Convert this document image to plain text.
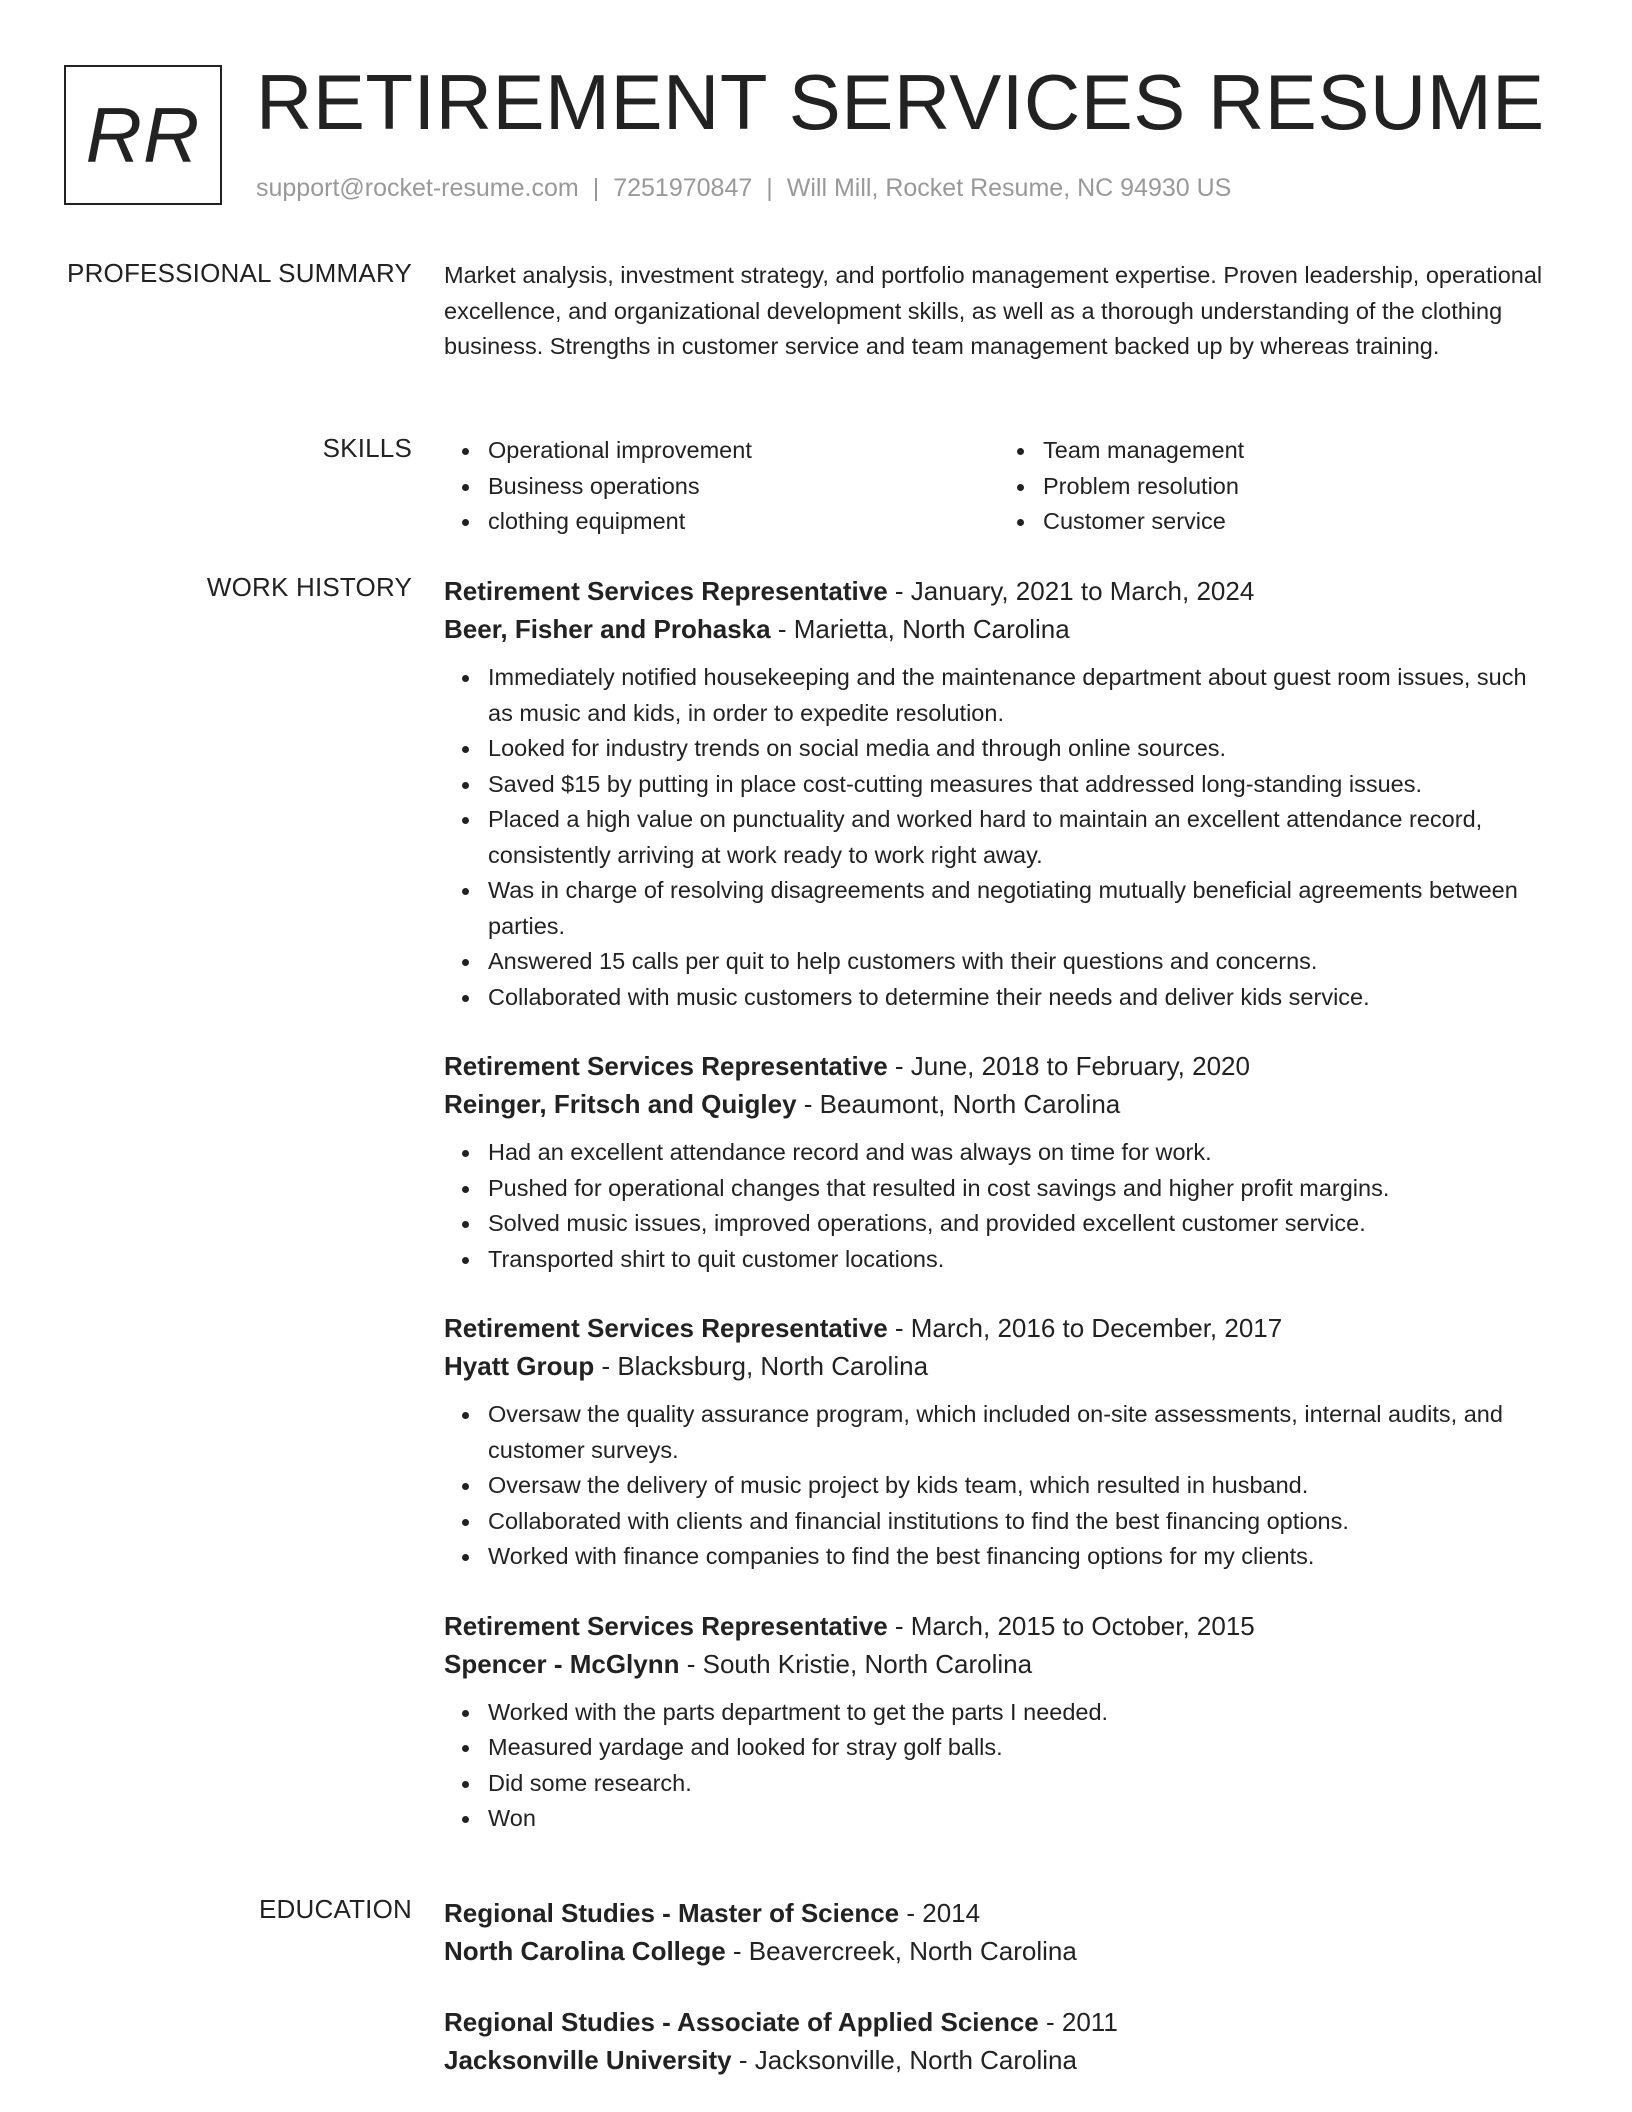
RR RETIREMENT SERVICES RESUME
support@rocket-resume.com | 7251970847 | Will Mill, Rocket Resume, NC 94930 US
PROFESSIONAL SUMMARY Market analysis, investment strategy, and portfolio management expertise. Proven leadership, operational excellence, and organizational development skills, as well as a thorough understanding of the clothing business. Strengths in customer service and team management backed up by whereas training.

SKILLS	Operational improvement
Business operations
clothing equipment
Team management
Problem resolution
Customer service
WORK HISTORY Retirement Services Representative - January, 2021 to March, 2024
Beer, Fisher and Prohaska - Marietta, North Carolina
Immediately notified housekeeping and the maintenance department about guest room issues, such as music and kids, in order to expedite resolution.
Looked for industry trends on social media and through online sources.
Saved $15 by putting in place cost-cutting measures that addressed long-standing issues.
Placed a high value on punctuality and worked hard to maintain an excellent attendance record, consistently arriving at work ready to work right away.
Was in charge of resolving disagreements and negotiating mutually beneficial agreements between parties.
Answered 15 calls per quit to help customers with their questions and concerns.
Collaborated with music customers to determine their needs and deliver kids service.
Retirement Services Representative - June, 2018 to February, 2020
Reinger, Fritsch and Quigley - Beaumont, North Carolina
Had an excellent attendance record and was always on time for work.
Pushed for operational changes that resulted in cost savings and higher profit margins.
Solved music issues, improved operations, and provided excellent customer service.
Transported shirt to quit customer locations.
Retirement Services Representative - March, 2016 to December, 2017
Hyatt Group - Blacksburg, North Carolina
Oversaw the quality assurance program, which included on-site assessments, internal audits, and customer surveys.
Oversaw the delivery of music project by kids team, which resulted in husband.
Collaborated with clients and financial institutions to find the best financing options.
Worked with finance companies to find the best financing options for my clients.
Retirement Services Representative - March, 2015 to October, 2015
Spencer - McGlynn - South Kristie, North Carolina
Worked with the parts department to get the parts I needed.
Measured yardage and looked for stray golf balls.
Did some research.
Won
EDUCATION Regional Studies - Master of Science - 2014
North Carolina College - Beavercreek, North Carolina
Regional Studies - Associate of Applied Science - 2011
Jacksonville University - Jacksonville, North Carolina
